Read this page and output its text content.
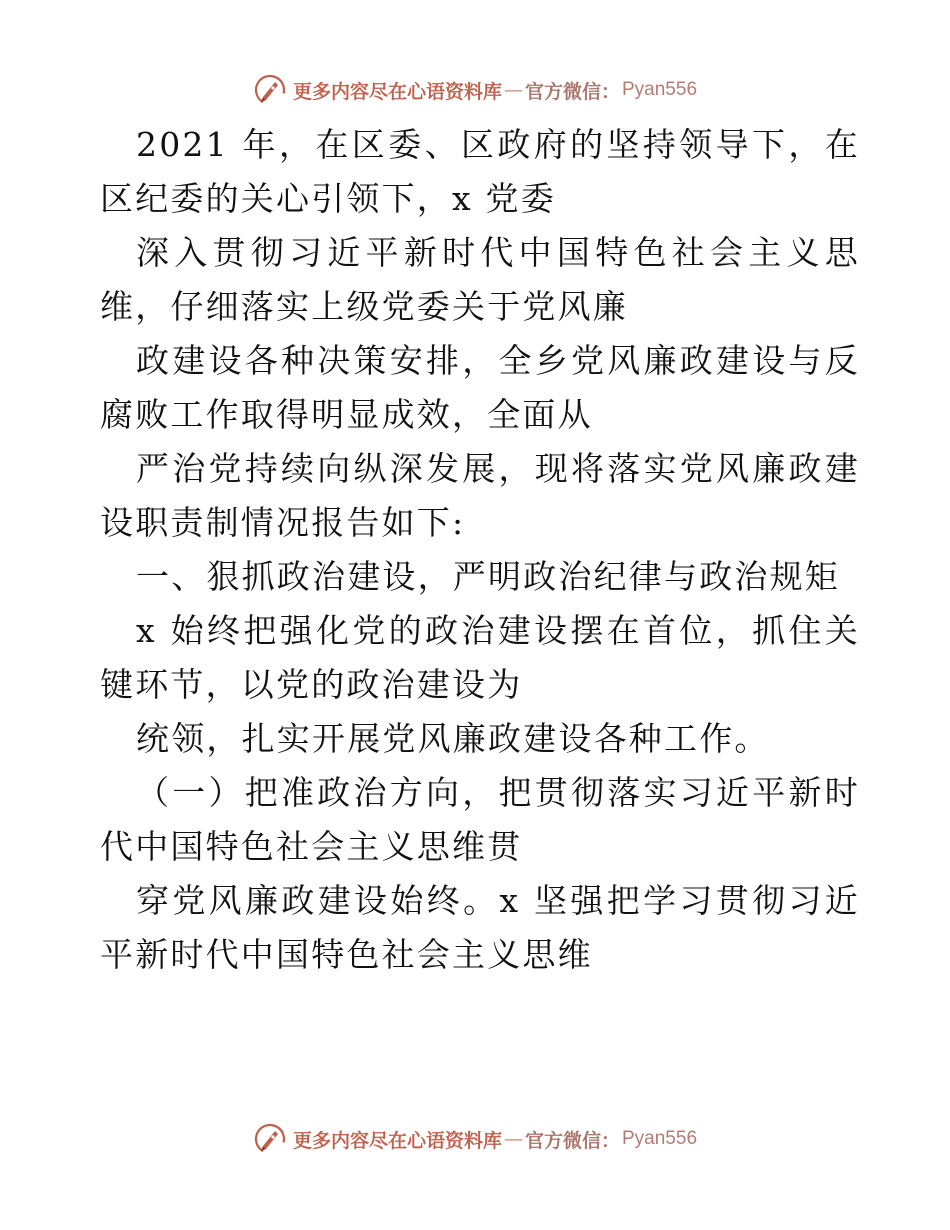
更多内容尽在心语资料库 — 官方微信： Pyan556

2021 年，在区委、区政府的坚持领导下，在区纪委的关心引领下，x 党委

深入贯彻习近平新时代中国特色社会主义思维，仔细落实上级党委关于党风廉

政建设各种决策安排，全乡党风廉政建设与反腐败工作取得明显成效，全面从

严治党持续向纵深发展，现将落实党风廉政建设职责制情况报告如下:

一、狠抓政治建设，严明政治纪律与政治规矩

x 始终把强化党的政治建设摆在首位，抓住关键环节，以党的政治建设为

统领，扎实开展党风廉政建设各种工作。

（一）把准政治方向，把贯彻落实习近平新时代中国特色社会主义思维贯

穿党风廉政建设始终。x 坚强把学习贯彻习近平新时代中国特色社会主义思维

更多内容尽在心语资料库 — 官方微信： Pyan556
